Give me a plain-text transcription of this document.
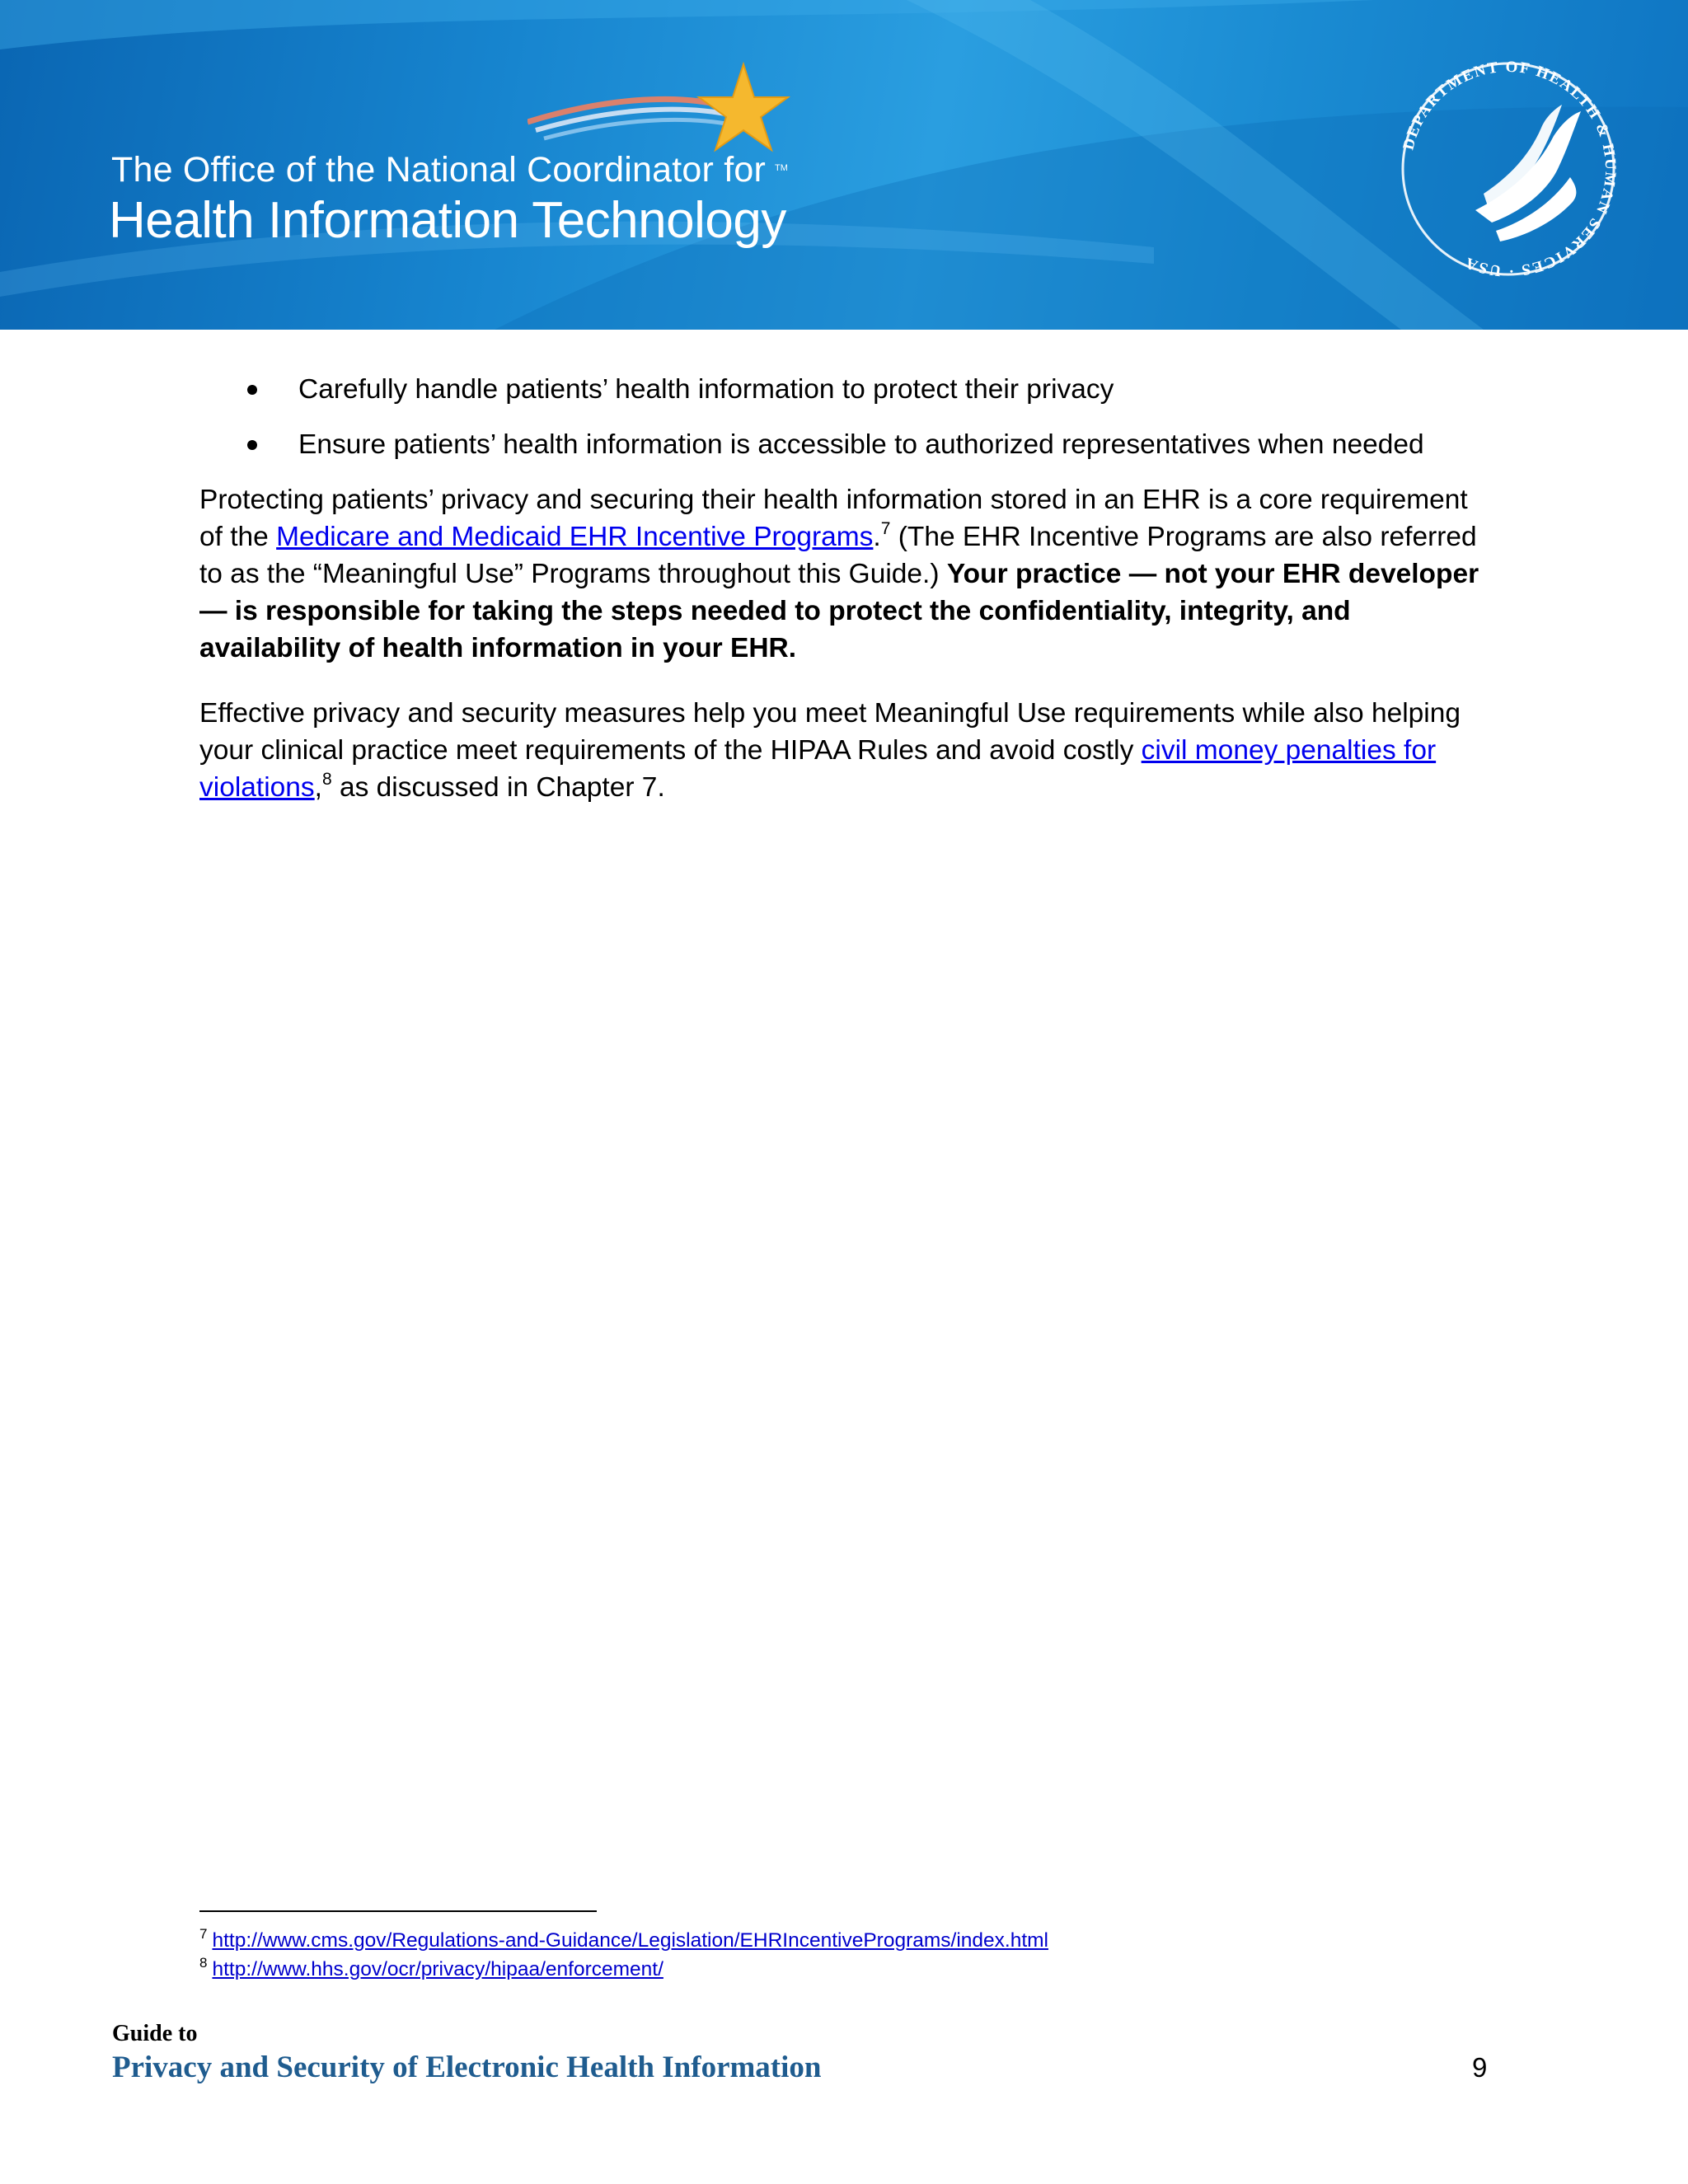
TM
The Office of the National Coordinator for
Health Information Technology
DEPARTMENT OF HEALTH & HUMAN SERVICES · USA
Carefully handle patients’ health information to protect their privacy
Ensure patients’ health information is accessible to authorized representatives when needed

Protecting patients’ privacy and securing their health information stored in an EHR is a core requirement of the Medicare and Medicaid EHR Incentive Programs.$^7$ (The EHR Incentive Programs are also referred to as the “Meaningful Use” Programs throughout this Guide.) Your practice — not your EHR developer — is responsible for taking the steps needed to protect the confidentiality, integrity, and availability of health information in your EHR.

Effective privacy and security measures help you meet Meaningful Use requirements while also helping your clinical practice meet requirements of the HIPAA Rules and avoid costly civil money penalties for violations,$^8$ as discussed in Chapter 7.

$^7$ http://www.cms.gov/Regulations-and-Guidance/Legislation/EHRIncentivePrograms/index.html
$^8$ http://www.hhs.gov/ocr/privacy/hipaa/enforcement/
Guide to
Privacy and Security of Electronic Health Information	9
